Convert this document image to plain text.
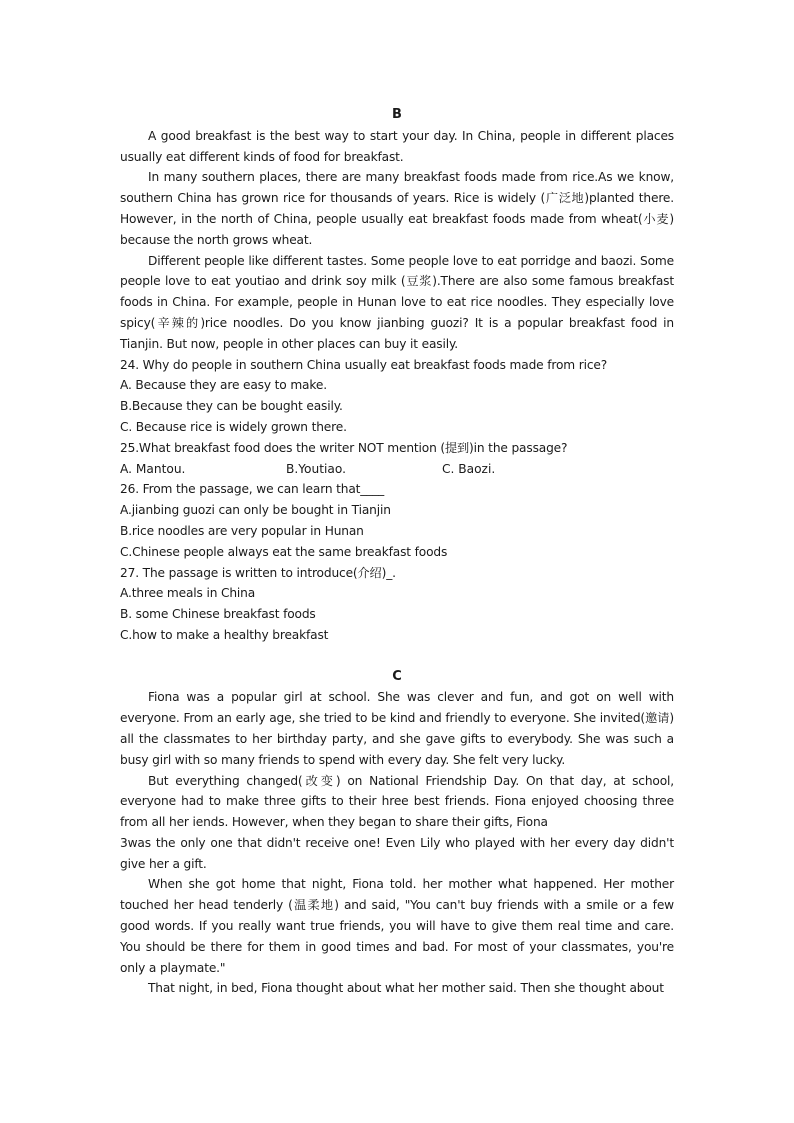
B

A good breakfast is the best way to start your day. In China, people in different places usually eat different kinds of food for breakfast.

In many southern places, there are many breakfast foods made from rice.As we know, southern China has grown rice for thousands of years. Rice is widely (广泛地)planted there. However, in the north of China, people usually eat breakfast foods made from wheat(小麦) because the north grows wheat.

Different people like different tastes. Some people love to eat porridge and baozi. Some people love to eat youtiao and drink soy milk (豆浆).There are also some famous breakfast foods in China. For example, people in Hunan love to eat rice noodles. They especially love spicy(辛辣的)rice noodles. Do you know jianbing guozi? It is a popular breakfast food in Tianjin. But now, people in other places can buy it easily.

24. Why do people in southern China usually eat breakfast foods made from rice?

A. Because they are easy to make.

B.Because they can be bought easily.

C. Because rice is widely grown there.

25.What breakfast food does the writer NOT mention (提到)in the passage?

A. Mantou.	B.Youtiao.	C. Baozi.

26. From the passage, we can learn that____

A.jianbing guozi can only be bought in Tianjin

B.rice noodles are very popular in Hunan

C.Chinese people always eat the same breakfast foods

27. The passage is written to introduce(介绍)_.

A.three meals in China

B. some Chinese breakfast foods

C.how to make a healthy breakfast

C

Fiona was a popular girl at school. She was clever and fun, and got on well with everyone. From an early age, she tried to be kind and friendly to everyone. She invited(邀请) all the classmates to her birthday party, and she gave gifts to everybody. She was such a busy girl with so many friends to spend with every day. She felt very lucky.

But everything changed(改变) on National Friendship Day. On that day, at school, everyone had to make three gifts to their hree best friends. Fiona enjoyed choosing three from all her iends. However, when they began to share their gifts, Fiona

3was the only one that didn't receive one! Even Lily who played with her every day didn't give her a gift.

When she got home that night, Fiona told. her mother what happened. Her mother touched her head tenderly (温柔地) and said, "You can't buy friends with a smile or a few good words. If you really want true friends, you will have to give them real time and care. You should be there for them in good times and bad. For most of your classmates, you're only a playmate."

That night, in bed, Fiona thought about what her mother said. Then she thought about
